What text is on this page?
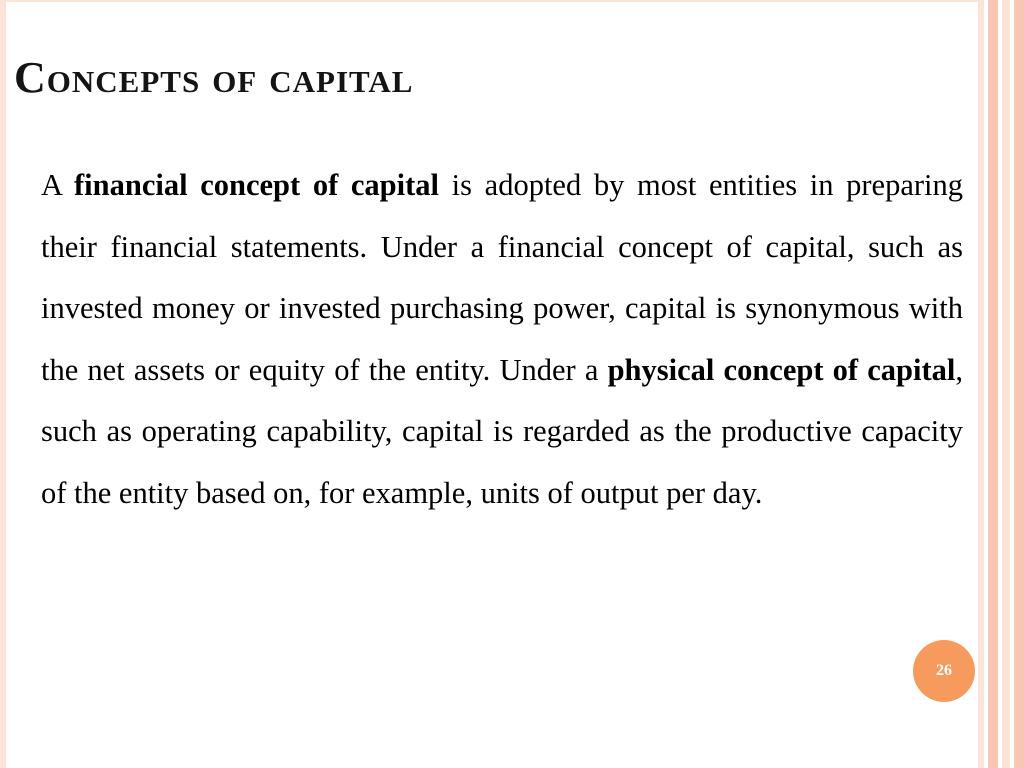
Concepts of capital

A financial concept of capital is adopted by most entities in preparing their financial statements. Under a financial concept of capital, such as invested money or invested purchasing power, capital is synonymous with the net assets or equity of the entity. Under a physical concept of capital, such as operating capability, capital is regarded as the productive capacity of the entity based on, for example, units of output per day.

26
